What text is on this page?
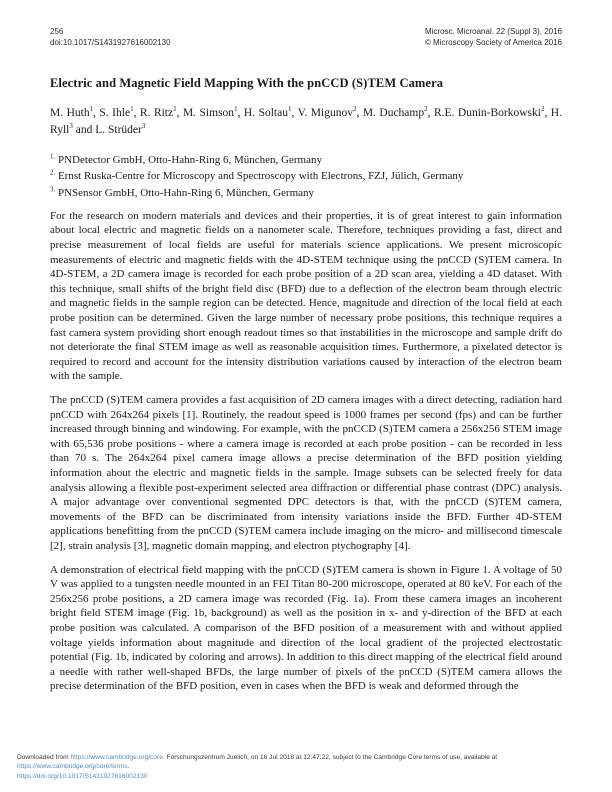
256
doi:10.1017/S1431927616002130
Microsc. Microanal. 22 (Suppl 3), 2016
© Microscopy Society of America 2016
Electric and Magnetic Field Mapping With the pnCCD (S)TEM Camera
M. Huth$^1$, S. Ihle$^1$, R. Ritz$^1$, M. Simson$^1$, H. Soltau$^1$, V. Migunov$^2$, M. Duchamp$^2$, R.E. Dunin-Borkowski$^2$, H. Ryll$^3$ and L. Strüder$^3$
$^{1.}$ PNDetector GmbH, Otto-Hahn-Ring 6, München, Germany
$^{2.}$ Ernst Ruska-Centre for Microscopy and Spectroscopy with Electrons, FZJ, Jülich, Germany
$^{3.}$ PNSensor GmbH, Otto-Hahn-Ring 6, München, Germany

For the research on modern materials and devices and their properties, it is of great interest to gain information about local electric and magnetic fields on a nanometer scale. Therefore, techniques providing a fast, direct and precise measurement of local fields are useful for materials science applications. We present microscopic measurements of electric and magnetic fields with the 4D-STEM technique using the pnCCD (S)TEM camera. In 4D-STEM, a 2D camera image is recorded for each probe position of a 2D scan area, yielding a 4D dataset. With this technique, small shifts of the bright field disc (BFD) due to a deflection of the electron beam through electric and magnetic fields in the sample region can be detected. Hence, magnitude and direction of the local field at each probe position can be determined. Given the large number of necessary probe positions, this technique requires a fast camera system providing short enough readout times so that instabilities in the microscope and sample drift do not deteriorate the final STEM image as well as reasonable acquisition times. Furthermore, a pixelated detector is required to record and account for the intensity distribution variations caused by interaction of the electron beam with the sample.

The pnCCD (S)TEM camera provides a fast acquisition of 2D camera images with a direct detecting, radiation hard pnCCD with 264x264 pixels [1]. Routinely, the readout speed is 1000 frames per second (fps) and can be further increased through binning and windowing. For example, with the pnCCD (S)TEM camera a 256x256 STEM image with 65,536 probe positions - where a camera image is recorded at each probe position - can be recorded in less than 70 s. The 264x264 pixel camera image allows a precise determination of the BFD position yielding information about the electric and magnetic fields in the sample. Image subsets can be selected freely for data analysis allowing a flexible post-experiment selected area diffraction or differential phase contrast (DPC) analysis. A major advantage over conventional segmented DPC detectors is that, with the pnCCD (S)TEM camera, movements of the BFD can be discriminated from intensity variations inside the BFD. Further 4D-STEM applications benefitting from the pnCCD (S)TEM camera include imaging on the micro- and millisecond timescale [2], strain analysis [3], magnetic domain mapping, and electron ptychography [4].

A demonstration of electrical field mapping with the pnCCD (S)TEM camera is shown in Figure 1. A voltage of 50 V was applied to a tungsten needle mounted in an FEI Titan 80-200 microscope, operated at 80 keV. For each of the 256x256 probe positions, a 2D camera image was recorded (Fig. 1a). From these camera images an incoherent bright field STEM image (Fig. 1b, background) as well as the position in x- and y-direction of the BFD at each probe position was calculated. A comparison of the BFD position of a measurement with and without applied voltage yields information about magnitude and direction of the local gradient of the projected electrostatic potential (Fig. 1b, indicated by coloring and arrows). In addition to this direct mapping of the electrical field around a needle with rather well-shaped BFDs, the large number of pixels of the pnCCD (S)TEM camera allows the precise determination of the BFD position, even in cases when the BFD is weak and deformed through the

Downloaded from https://www.cambridge.org/core. Forschungszentrum Juelich, on 16 Jul 2018 at 12:47:22, subject to the Cambridge Core terms of use, available at https://www.cambridge.org/core/terms.
https://doi.org/10.1017/S1431927616002130
